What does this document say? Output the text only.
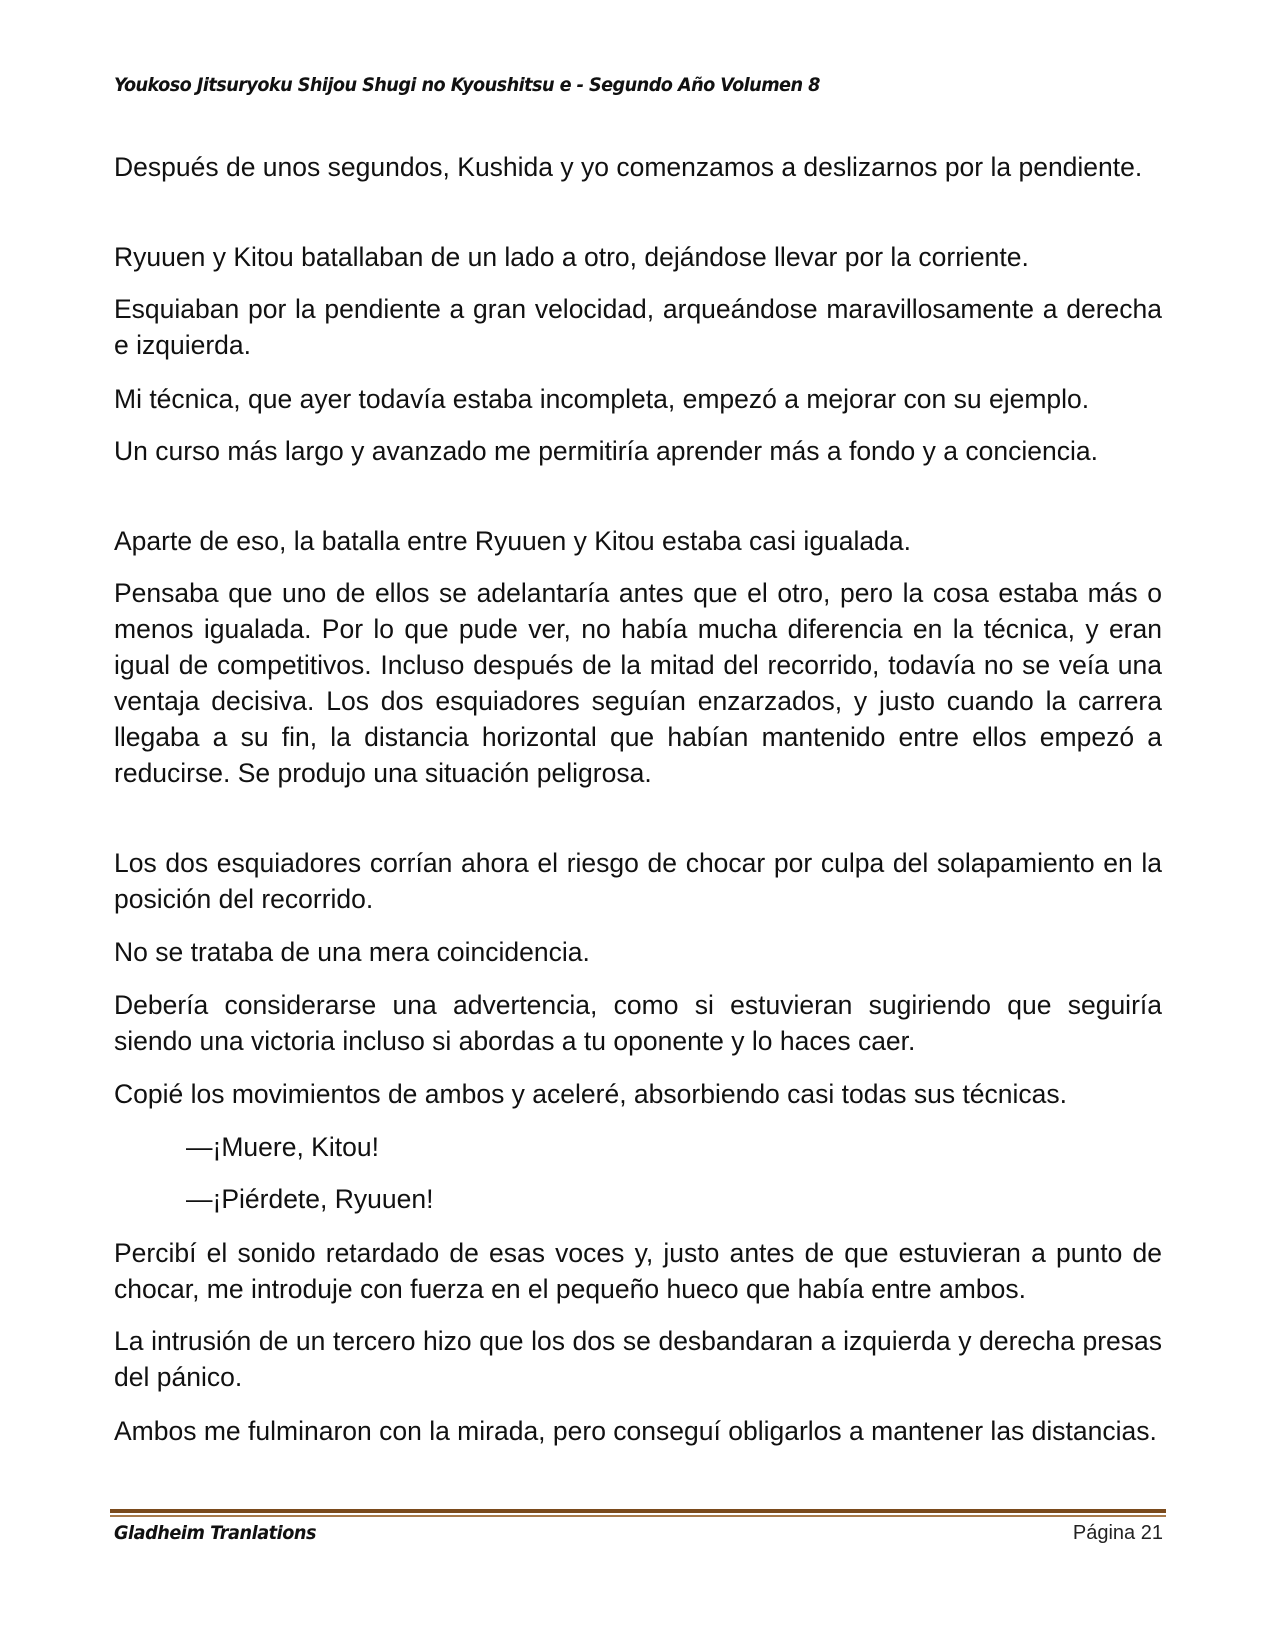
Youkoso Jitsuryoku Shijou Shugi no Kyoushitsu e - Segundo Año Volumen 8

Después de unos segundos, Kushida y yo comenzamos a deslizarnos por la pendiente.

Ryuuen y Kitou batallaban de un lado a otro, dejándose llevar por la corriente.

Esquiaban por la pendiente a gran velocidad, arqueándose maravillosamente a derecha e izquierda.

Mi técnica, que ayer todavía estaba incompleta, empezó a mejorar con su ejemplo.

Un curso más largo y avanzado me permitiría aprender más a fondo y a conciencia.

Aparte de eso, la batalla entre Ryuuen y Kitou estaba casi igualada.

Pensaba que uno de ellos se adelantaría antes que el otro, pero la cosa estaba más o menos igualada. Por lo que pude ver, no había mucha diferencia en la técnica, y eran igual de competitivos. Incluso después de la mitad del recorrido, todavía no se veía una ventaja decisiva. Los dos esquiadores seguían enzarzados, y justo cuando la carrera llegaba a su fin, la distancia horizontal que habían mantenido entre ellos empezó a reducirse. Se produjo una situación peligrosa.

Los dos esquiadores corrían ahora el riesgo de chocar por culpa del solapamiento en la posición del recorrido.

No se trataba de una mera coincidencia.

Debería considerarse una advertencia, como si estuvieran sugiriendo que seguiría siendo una victoria incluso si abordas a tu oponente y lo haces caer.

Copié los movimientos de ambos y aceleré, absorbiendo casi todas sus técnicas.

—¡Muere, Kitou!

—¡Piérdete, Ryuuen!

Percibí el sonido retardado de esas voces y, justo antes de que estuvieran a punto de chocar, me introduje con fuerza en el pequeño hueco que había entre ambos.

La intrusión de un tercero hizo que los dos se desbandaran a izquierda y derecha presas del pánico.

Ambos me fulminaron con la mirada, pero conseguí obligarlos a mantener las distancias.

Gladheim Tranlations	Página 21
